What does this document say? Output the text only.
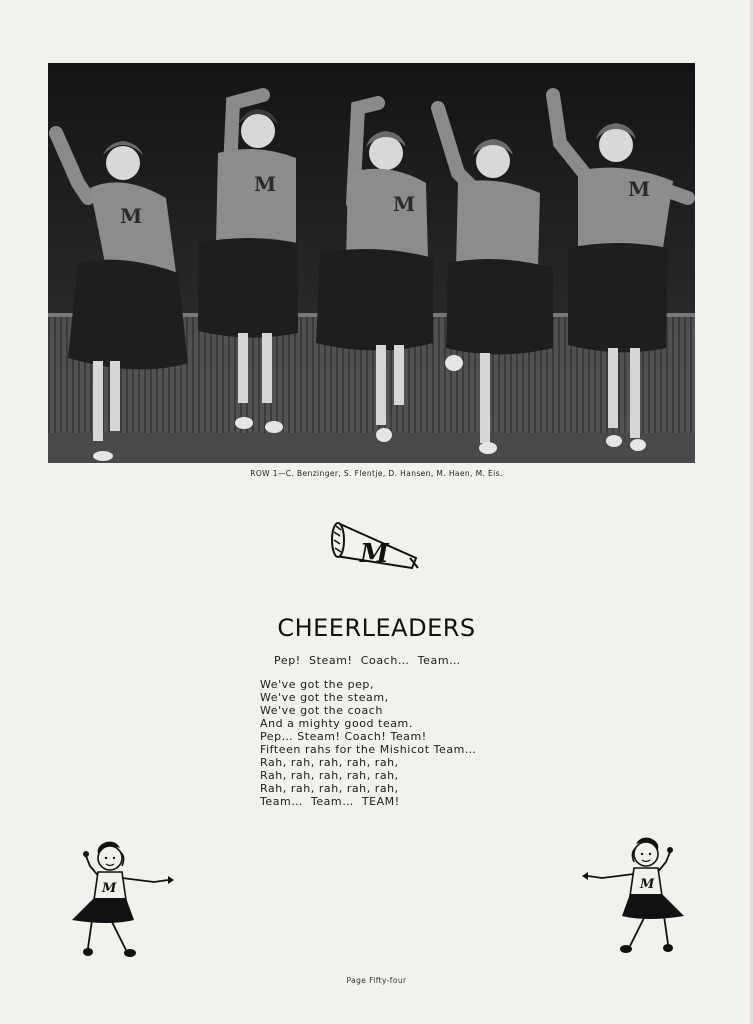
M
M
M
M
ROW 1—C. Benzinger, S. Flentje, D. Hansen, M. Haen, M. Eis.
M
CHEERLEADERS
Pep!  Steam!  Coach…  Team…
We've got the pep,
We've got the steam,
We've got the coach
And a mighty good team.
Pep… Steam! Coach! Team!
Fifteen rahs for the Mishicot Team…
Rah, rah, rah, rah, rah,
Rah, rah, rah, rah, rah,
Rah, rah, rah, rah, rah,
Team…  Team…  TEAM!
M	M
Page Fifty-four
